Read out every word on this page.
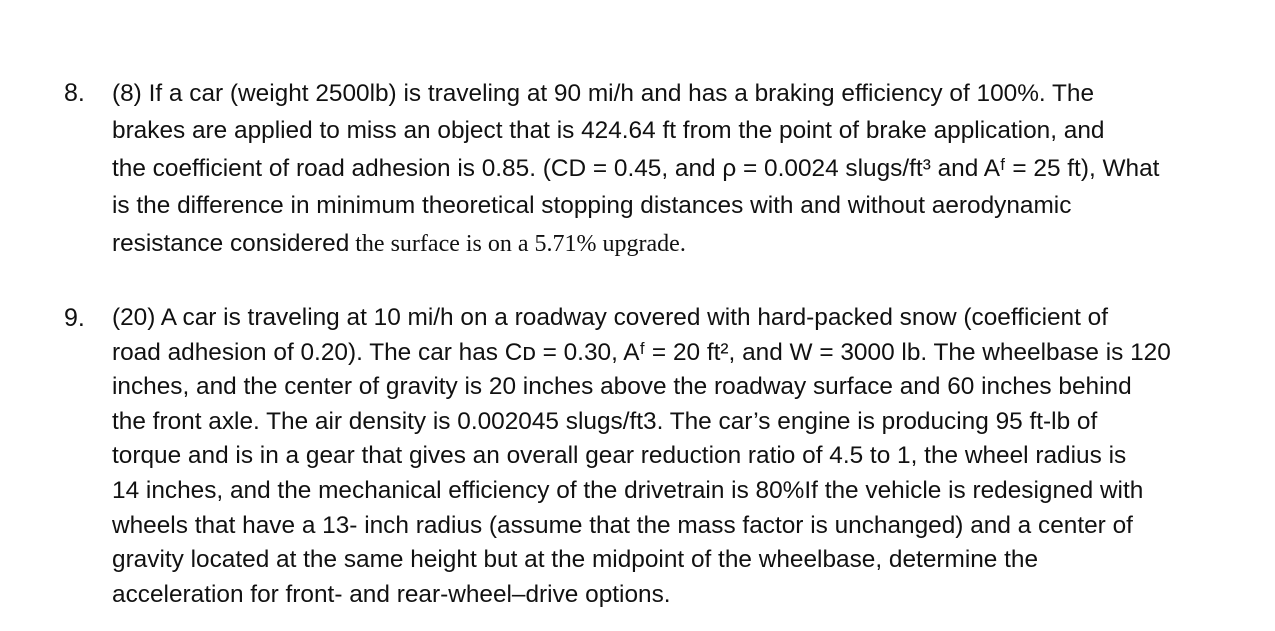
8. (8) If a car (weight 2500lb) is traveling at 90 mi/h and has a braking efficiency of 100%. The
brakes are applied to miss an object that is 424.64 ft from the point of brake application, and
the coefficient of road adhesion is 0.85. (CD = 0.45, and ρ = 0.0024 slugs/ft³ and Aᶠ = 25 ft), What
is the difference in minimum theoretical stopping distances with and without aerodynamic
resistance considered the surface is on a 5.71% upgrade.
9. (20) A car is traveling at 10 mi/h on a roadway covered with hard-packed snow (coefficient of
road adhesion of 0.20). The car has Cᴅ = 0.30, Aᶠ = 20 ft², and W = 3000 lb. The wheelbase is 120
inches, and the center of gravity is 20 inches above the roadway surface and 60 inches behind
the front axle. The air density is 0.002045 slugs/ft3. The car’s engine is producing 95 ft-lb of
torque and is in a gear that gives an overall gear reduction ratio of 4.5 to 1, the wheel radius is
14 inches, and the mechanical efficiency of the drivetrain is 80%If the vehicle is redesigned with
wheels that have a 13- inch radius (assume that the mass factor is unchanged) and a center of
gravity located at the same height but at the midpoint of the wheelbase, determine the
acceleration for front- and rear-wheel–drive options.
